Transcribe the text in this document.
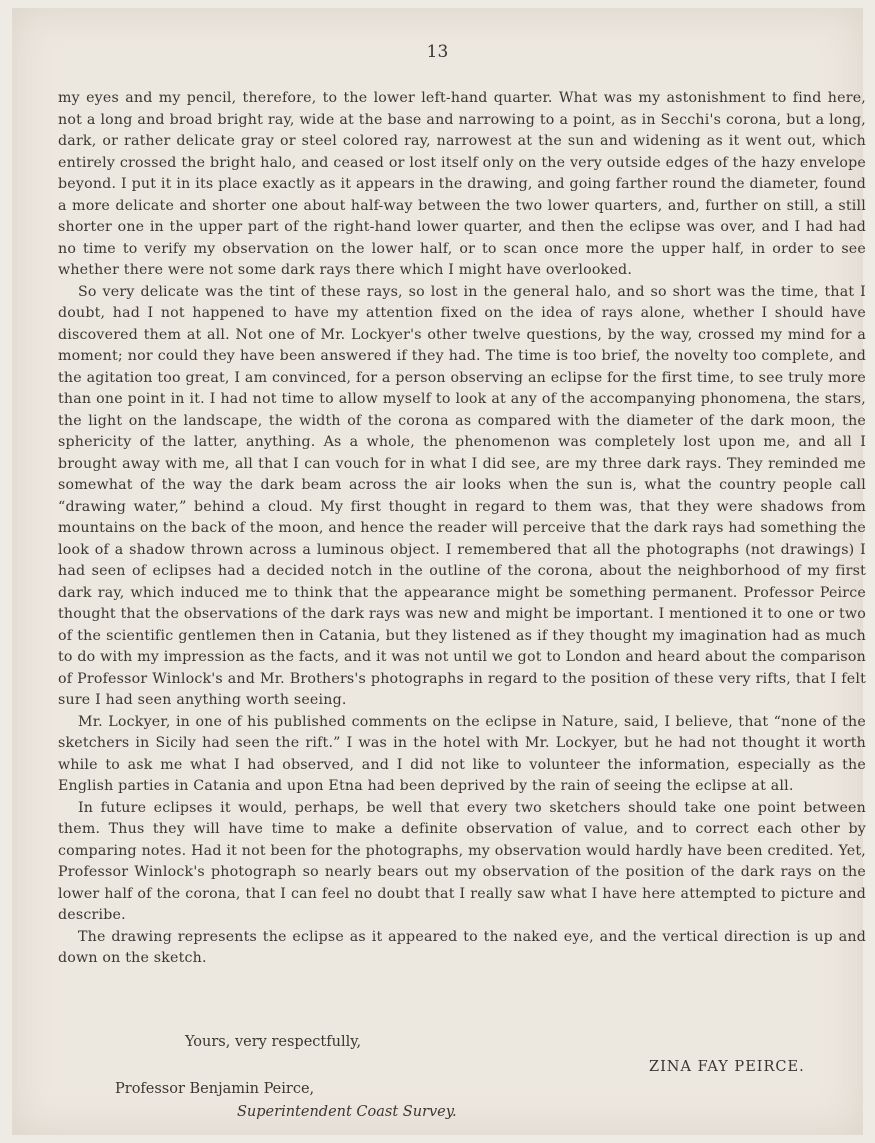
13

my eyes and my pencil, therefore, to the lower left-hand quarter. What was my astonishment to find here, not a long and broad bright ray, wide at the base and narrowing to a point, as in Secchi's corona, but a long, dark, or rather delicate gray or steel colored ray, narrowest at the sun and widening as it went out, which entirely crossed the bright halo, and ceased or lost itself only on the very outside edges of the hazy envelope beyond. I put it in its place exactly as it appears in the drawing, and going farther round the diameter, found a more delicate and shorter one about half-way between the two lower quarters, and, further on still, a still shorter one in the upper part of the right-hand lower quarter, and then the eclipse was over, and I had had no time to verify my observation on the lower half, or to scan once more the upper half, in order to see whether there were not some dark rays there which I might have overlooked.

So very delicate was the tint of these rays, so lost in the general halo, and so short was the time, that I doubt, had I not happened to have my attention fixed on the idea of rays alone, whether I should have discovered them at all. Not one of Mr. Lockyer's other twelve questions, by the way, crossed my mind for a moment; nor could they have been answered if they had. The time is too brief, the novelty too complete, and the agitation too great, I am convinced, for a person observing an eclipse for the first time, to see truly more than one point in it. I had not time to allow myself to look at any of the accompanying phonomena, the stars, the light on the landscape, the width of the corona as compared with the diameter of the dark moon, the sphericity of the latter, anything. As a whole, the phenomenon was completely lost upon me, and all I brought away with me, all that I can vouch for in what I did see, are my three dark rays. They reminded me somewhat of the way the dark beam across the air looks when the sun is, what the country people call “drawing water,” behind a cloud. My first thought in regard to them was, that they were shadows from mountains on the back of the moon, and hence the reader will perceive that the dark rays had something the look of a shadow thrown across a luminous object. I remembered that all the photographs (not drawings) I had seen of eclipses had a decided notch in the outline of the corona, about the neighborhood of my first dark ray, which induced me to think that the appearance might be something permanent. Professor Peirce thought that the observations of the dark rays was new and might be important. I mentioned it to one or two of the scientific gentlemen then in Catania, but they listened as if they thought my imagination had as much to do with my impression as the facts, and it was not until we got to London and heard about the comparison of Professor Winlock's and Mr. Brothers's photographs in regard to the position of these very rifts, that I felt sure I had seen anything worth seeing.

Mr. Lockyer, in one of his published comments on the eclipse in Nature, said, I believe, that “none of the sketchers in Sicily had seen the rift.” I was in the hotel with Mr. Lockyer, but he had not thought it worth while to ask me what I had observed, and I did not like to volunteer the information, especially as the English parties in Catania and upon Etna had been deprived by the rain of seeing the eclipse at all.

In future eclipses it would, perhaps, be well that every two sketchers should take one point between them. Thus they will have time to make a definite observation of value, and to correct each other by comparing notes. Had it not been for the photographs, my observation would hardly have been credited. Yet, Professor Winlock's photograph so nearly bears out my observation of the position of the dark rays on the lower half of the corona, that I can feel no doubt that I really saw what I have here attempted to picture and describe.

The drawing represents the eclipse as it appeared to the naked eye, and the vertical direction is up and down on the sketch.

Yours, very respectfully,
ZINA FAY PEIRCE.
Professor Benjamin Peirce,
Superintendent Coast Survey.
